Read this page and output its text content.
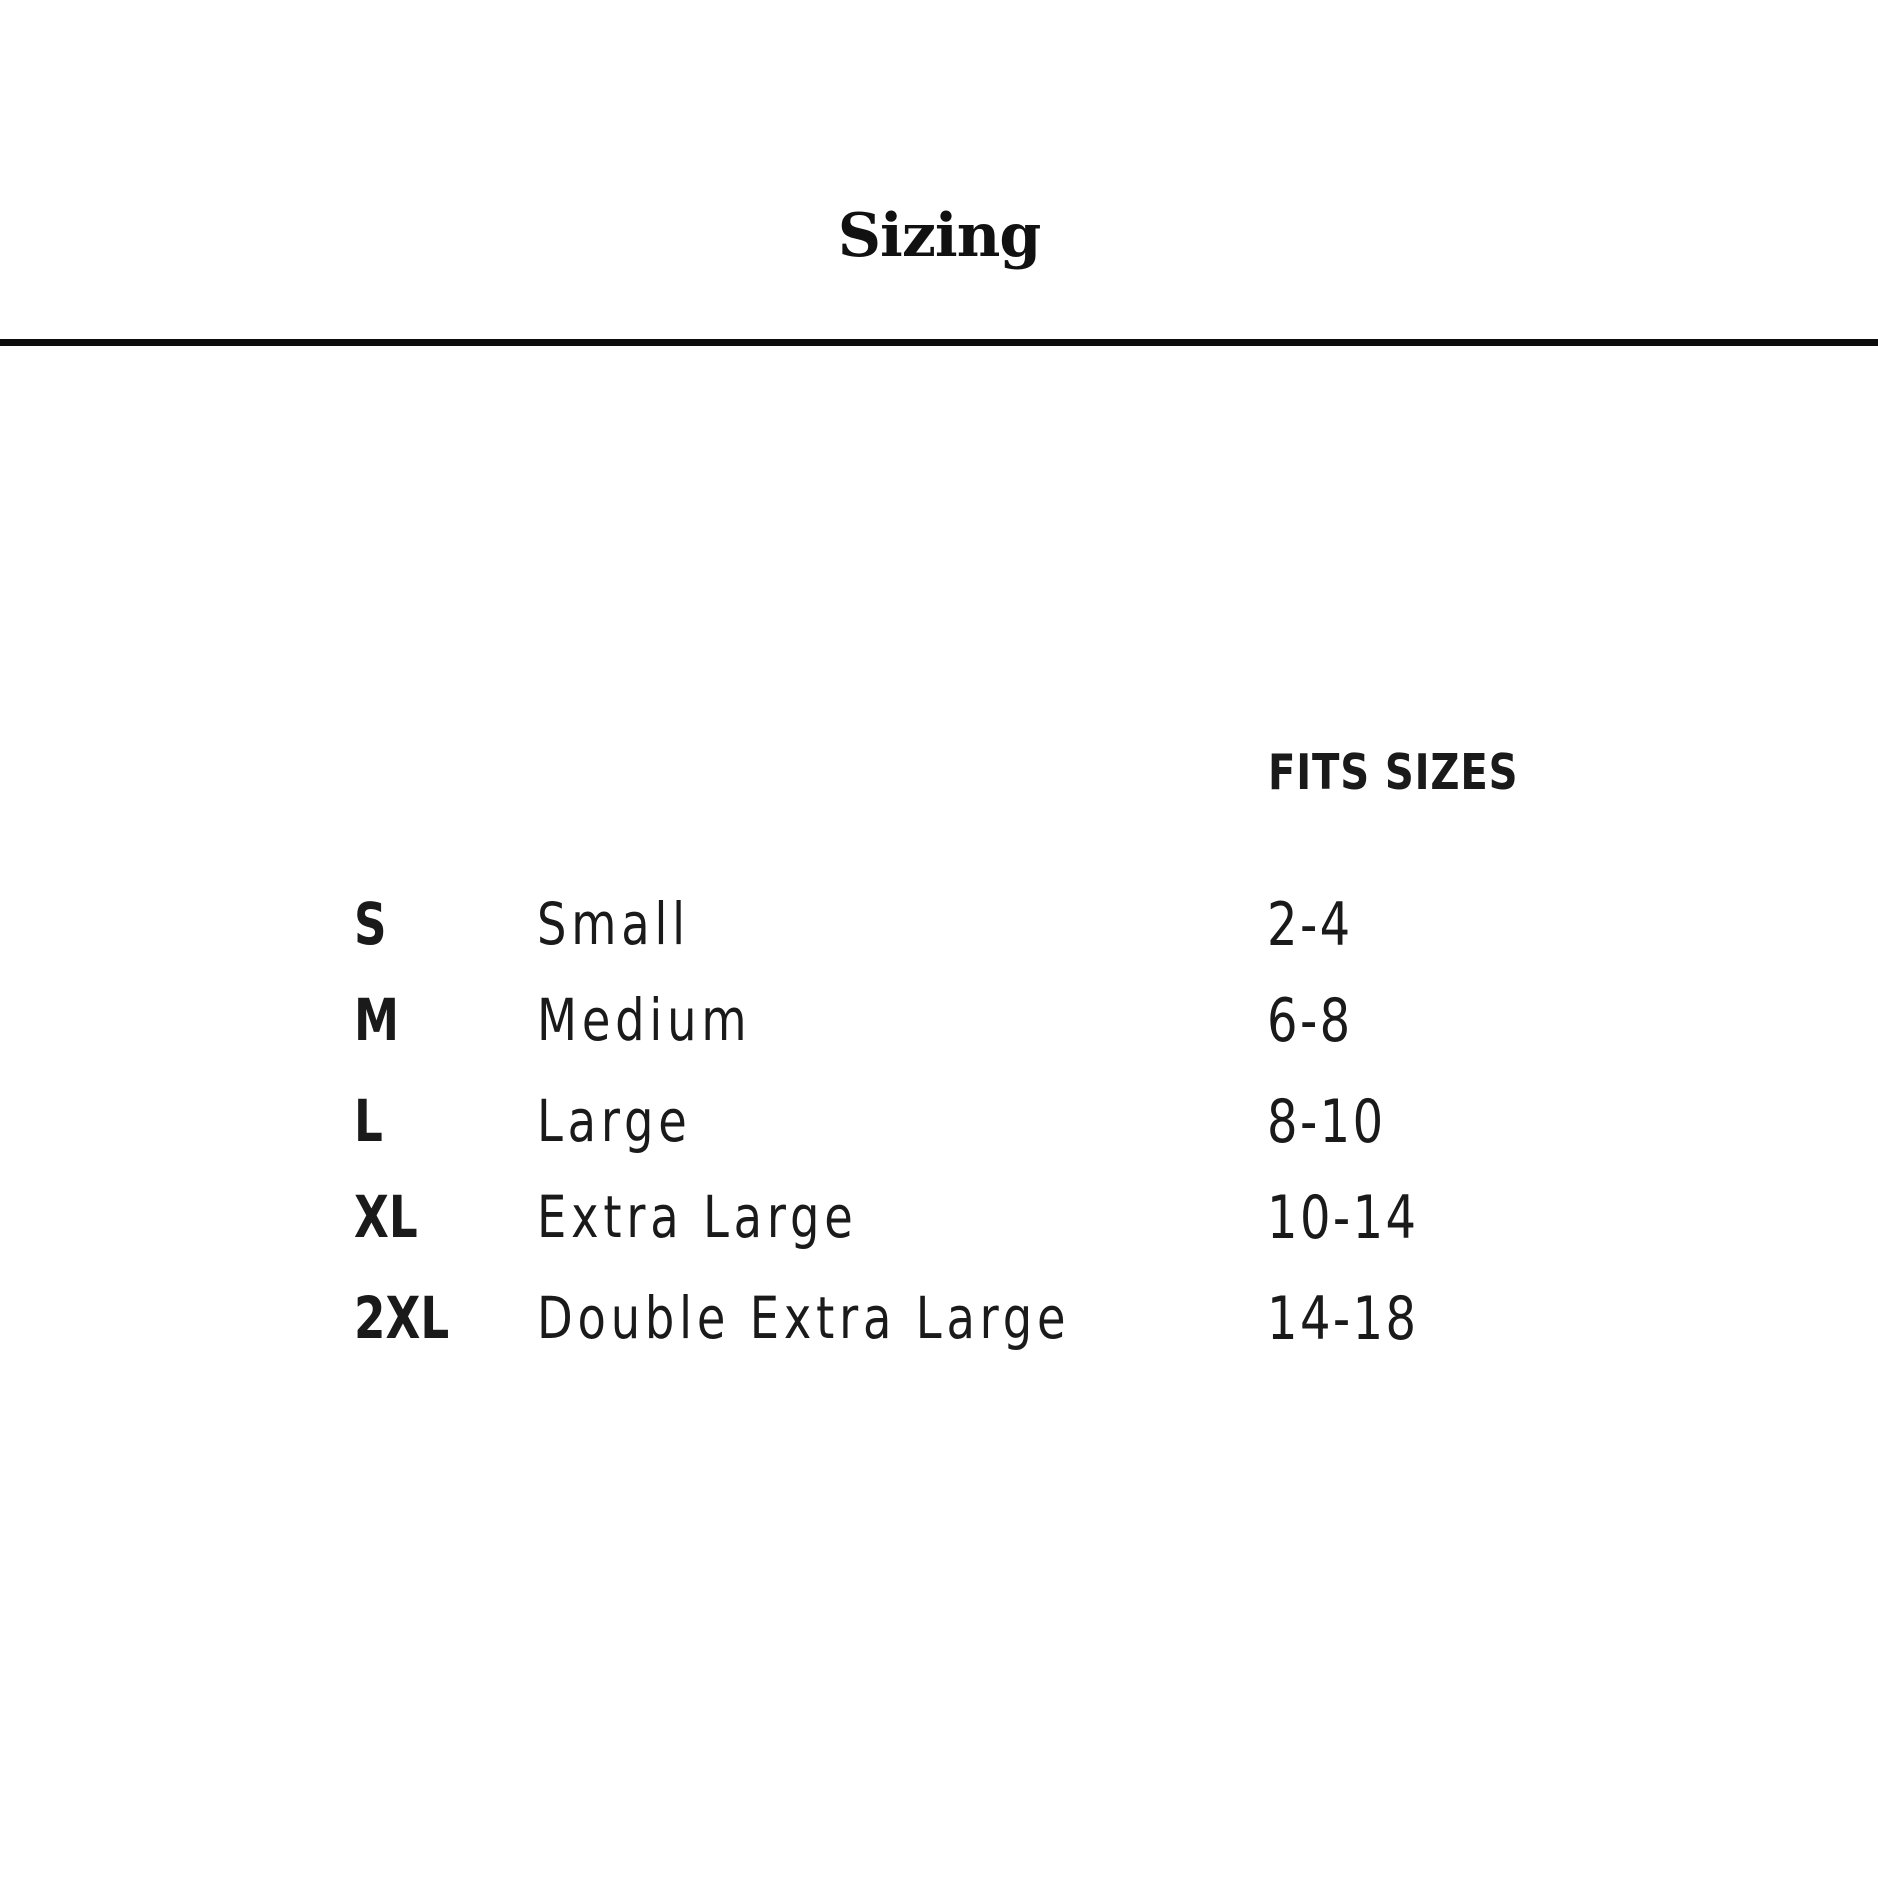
Sizing
FITS SIZES
S	Small	2-4
M Medium	6-8
L	Large	8-10
XL Extra Large	10-14
2XL Double Extra Large	14-18
